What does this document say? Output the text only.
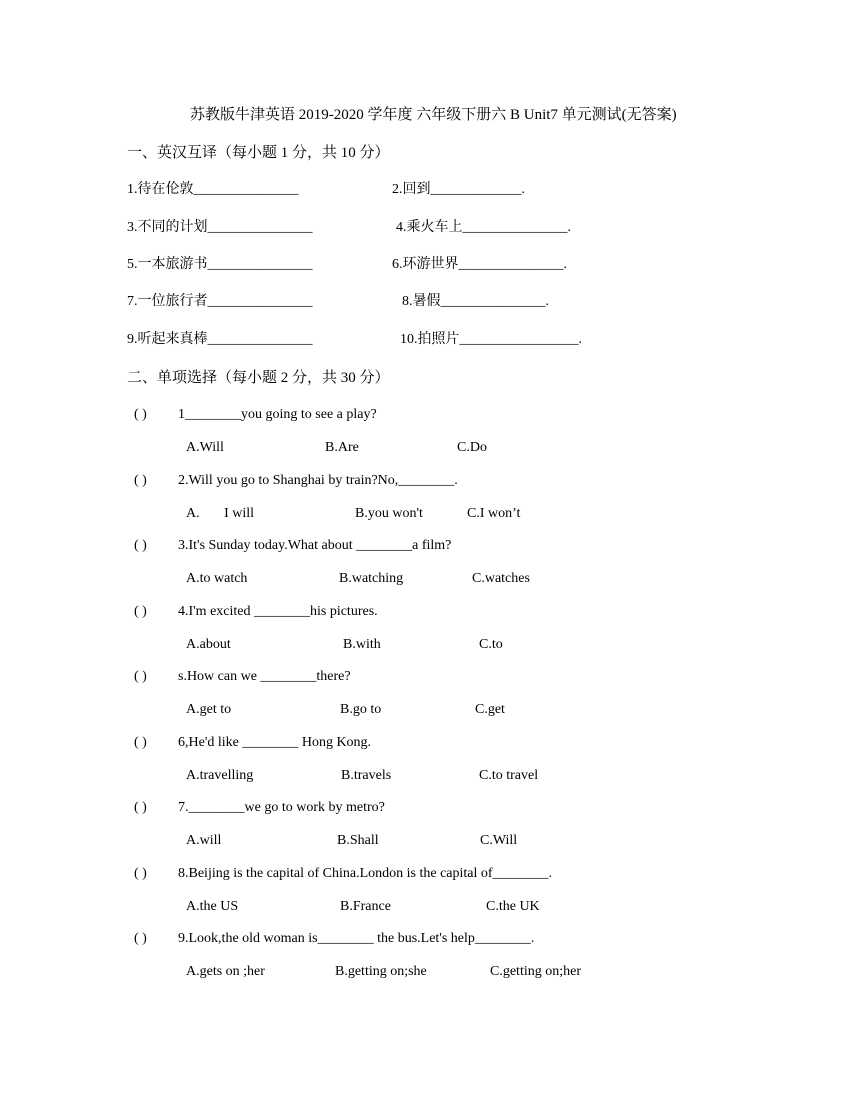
苏教版牛津英语 2019-2020 学年度 六年级下册六 B Unit7 单元测试(无答案)
一、英汉互译（每小题 1 分，共 10 分）
1.待在伦敦_______________	2.回到_____________.
3.不同的计划_______________	4.乘火车上_______________.
5.一本旅游书_______________	6.环游世界_______________.
7.一位旅行者_______________	8.暑假_______________.
9.听起来真棒_______________	10.拍照片_________________.
二、单项选择（每小题 2 分，共 30 分）
( ) 1________you going to see a play?
A.Will	B.Are	C.Do
( ) 2.Will you go to Shanghai by train?No,________.
A.       I will	B.you won't	C.I won’t
( ) 3.It's Sunday today.What about ________a film?
A.to watch	B.watching	C.watches
( ) 4.I'm excited ________his pictures.
A.about	B.with	C.to
( ) s.How can we ________there?
A.get to	B.go to	C.get
( ) 6,He'd like ________ Hong Kong.
A.travelling	B.travels	C.to travel
( ) 7.________we go to work by metro?
A.will	B.Shall	C.Will
( ) 8.Beijing is the capital of China.London is the capital of________.
A.the US	B.France	C.the UK
( ) 9.Look,the old woman is________ the bus.Let's help________.
A.gets on ;her	B.getting on;she	C.getting on;her
